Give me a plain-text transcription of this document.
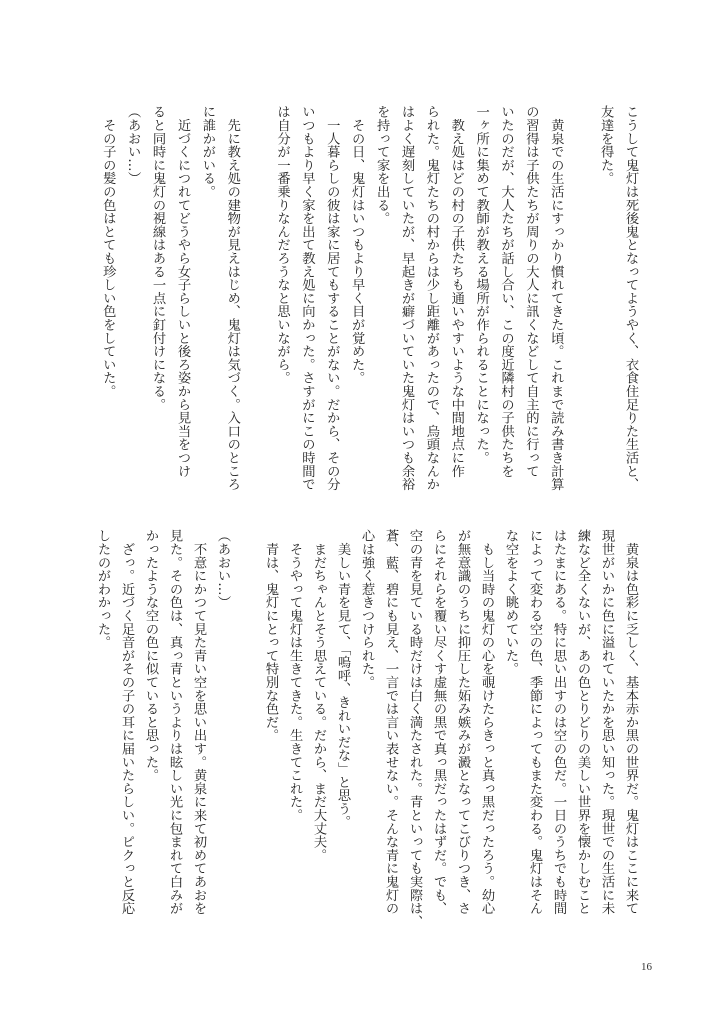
こうして鬼灯は死後鬼となってようやく、衣食住足りた生活と、
友達を得た。
　黄泉での生活にすっかり慣れてきた頃。これまで読み書き計算
の習得は子供たちが周りの大人に訊くなどして自主的に行って
いたのだが、大人たちが話し合い、この度近隣村の子供たちを
一ヶ所に集めて教師が教える場所が作られることになった。
　教え処はどの村の子供たちも通いやすいような中間地点に作
られた。鬼灯たちの村からは少し距離があったので、烏頭なんか
はよく遅刻していたが、早起きが癖づいていた鬼灯はいつも余裕
を持って家を出る。
　その日、鬼灯はいつもより早く目が覚めた。
　一人暮らしの彼は家に居てもすることがない。だから、その分
いつもより早く家を出て教え処に向かった。さすがにこの時間で
は自分が一番乗りなんだろうなと思いながら。
　先に教え処の建物が見えはじめ、鬼灯は気づく。入口のところ
に誰かがいる。
　近づくにつれてどうやら女子らしいと後ろ姿から見当をつけ
ると同時に鬼灯の視線はある一点に釘付けになる。
（あおい…）
　その子の髪の色はとても珍しい色をしていた。
　黄泉は色彩に乏しく、基本赤か黒の世界だ。鬼灯はここに来て
現世がいかに色に溢れていたかを思い知った。現世での生活に未
練など全くないが、あの色とりどりの美しい世界を懐かしむこと
はたまにある。特に思い出すのは空の色だ。一日のうちでも時間
によって変わる空の色、季節によってもまた変わる。鬼灯はそん
な空をよく眺めていた。
　もし当時の鬼灯の心を覗けたらきっと真っ黒だったろう。幼心
が無意識のうちに抑圧した妬み嫉みが澱となってこびりつき、さ
らにそれらを覆い尽くす虚無の黒で真っ黒だったはずだ。でも、
空の青を見ている時だけは白く満たされた。青といっても実際は、
蒼、藍、碧にも見え、一言では言い表せない。そんな青に鬼灯の
心は強く惹きつけられた。
　美しい青を見て、「嗚呼、きれいだな」と思う。
　まだちゃんとそう思えている。だから、まだ大丈夫。
　そうやって鬼灯は生きてきた。生きてこれた。
　青は、鬼灯にとって特別な色だ。
（あおい…）
　不意にかつて見た青い空を思い出す。黄泉に来て初めてあおを
見た。その色は、真っ青というよりは眩しい光に包まれて白みが
かったような空の色に似ていると思った。
　ざっ。近づく足音がその子の耳に届いたらしい。ピクっと反応
したのがわかった。
16
